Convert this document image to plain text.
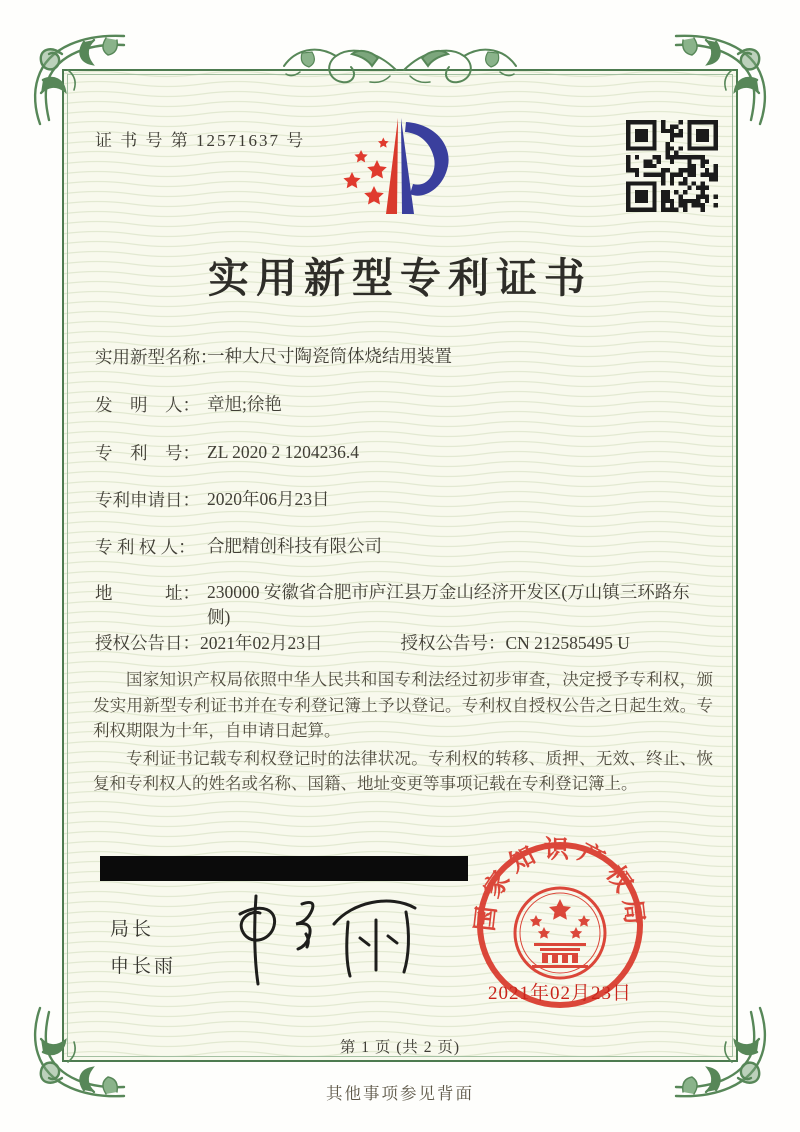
证 书 号 第 12571637 号
实用新型专利证书
实用新型名称：一种大尺寸陶瓷筒体烧结用装置
发　明　人： 章旭;徐艳
专　利　号： ZL 2020 2 1204236.4
专利申请日： 2020年06月23日
专 利 权 人： 合肥精创科技有限公司
地　　　址： 230000 安徽省合肥市庐江县万金山经济开发区(万山镇三环路东侧)
授权公告日：2021年02月23日	授权公告号：CN 212585495 U

国家知识产权局依照中华人民共和国专利法经过初步审查，决定授予专利权，颁发实用新型专利证书并在专利登记簿上予以登记。专利权自授权公告之日起生效。专利权期限为十年，自申请日起算。

专利证书记载专利权登记时的法律状况。专利权的转移、质押、无效、终止、恢复和专利权人的姓名或名称、国籍、地址变更等事项记载在专利登记簿上。

局长
申长雨
国家知识产权局
2021年02月23日
第 1 页 (共 2 页)
其他事项参见背面
